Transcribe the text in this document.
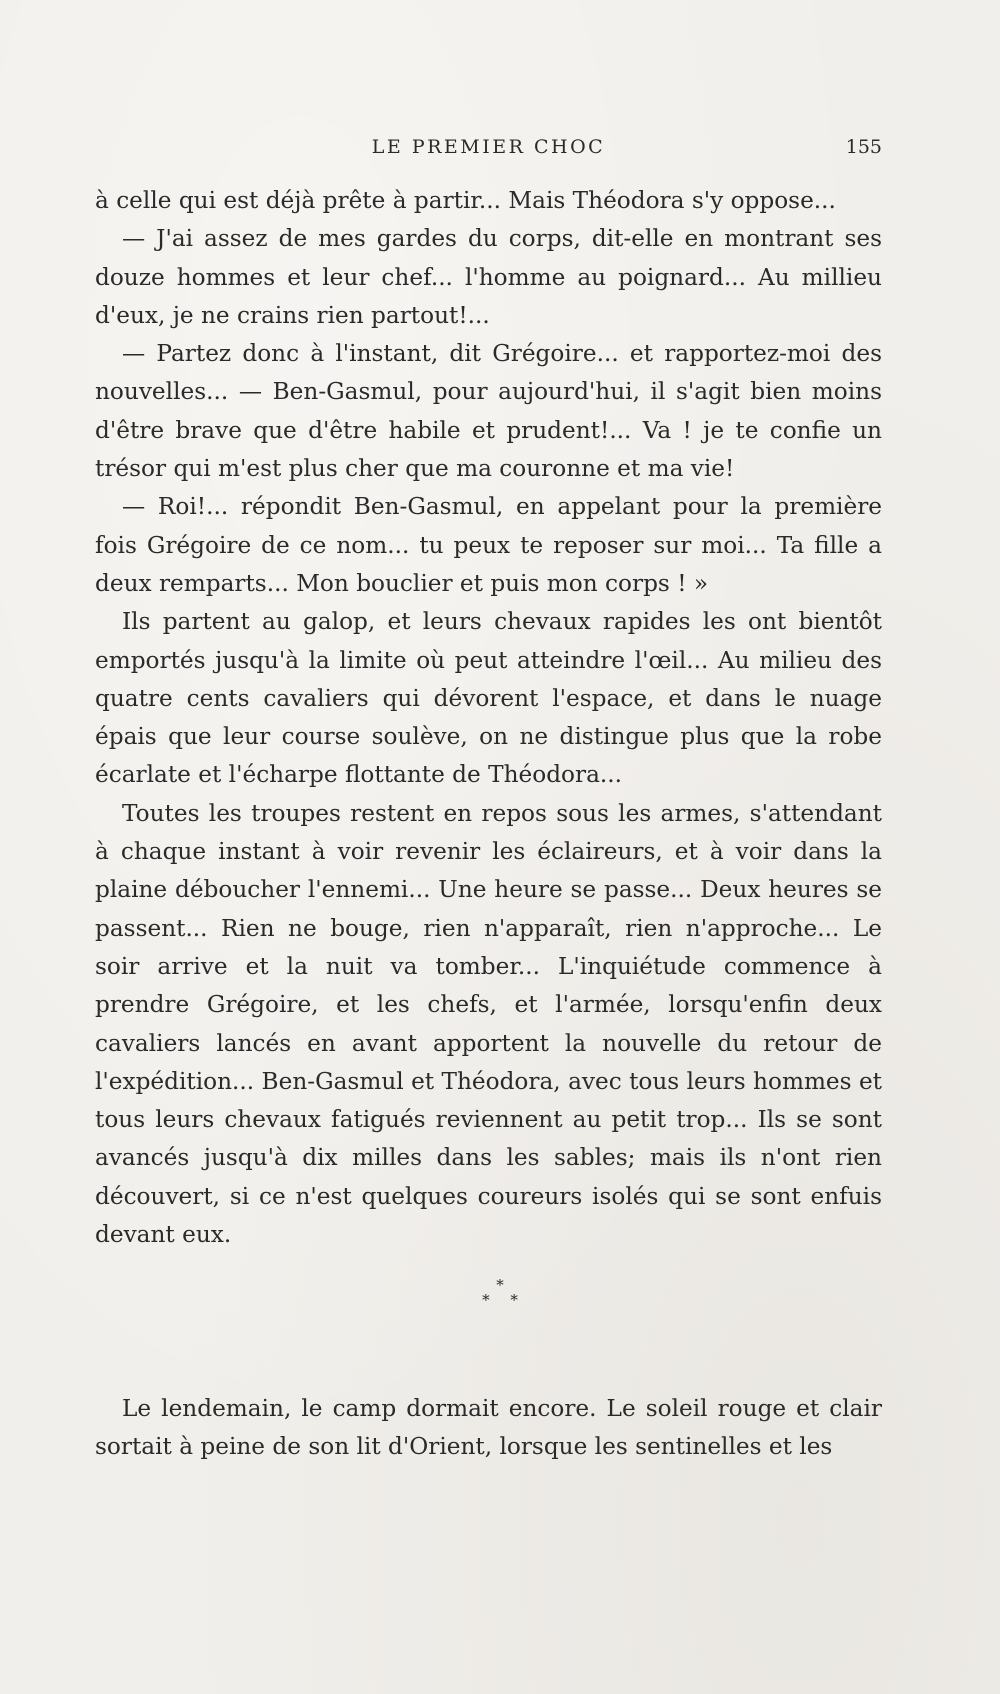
LE PREMIER CHOC	155

à celle qui est déjà prête à partir... Mais Théodora s'y oppose...

— J'ai assez de mes gardes du corps, dit-elle en montrant ses douze hommes et leur chef... l'homme au poignard... Au millieu d'eux, je ne crains rien partout!...

— Partez donc à l'instant, dit Grégoire... et rapportez-moi des nouvelles... — Ben-Gasmul, pour aujourd'hui, il s'agit bien moins d'être brave que d'être habile et prudent!... Va ! je te confie un trésor qui m'est plus cher que ma couronne et ma vie!

— Roi!... répondit Ben-Gasmul, en appelant pour la première fois Grégoire de ce nom... tu peux te reposer sur moi... Ta fille a deux remparts... Mon bouclier et puis mon corps ! »

Ils partent au galop, et leurs chevaux rapides les ont bientôt emportés jusqu'à la limite où peut atteindre l'œil... Au milieu des quatre cents cavaliers qui dévorent l'espace, et dans le nuage épais que leur course soulève, on ne distingue plus que la robe écarlate et l'écharpe flottante de Théodora...

Toutes les troupes restent en repos sous les armes, s'attendant à chaque instant à voir revenir les éclaireurs, et à voir dans la plaine déboucher l'ennemi... Une heure se passe... Deux heures se passent... Rien ne bouge, rien n'apparaît, rien n'approche... Le soir arrive et la nuit va tomber... L'inquiétude commence à prendre Grégoire, et les chefs, et l'armée, lorsqu'enfin deux cavaliers lancés en avant apportent la nouvelle du retour de l'expédition... Ben-Gasmul et Théodora, avec tous leurs hommes et tous leurs chevaux fatigués reviennent au petit trop... Ils se sont avancés jusqu'à dix milles dans les sables; mais ils n'ont rien découvert, si ce n'est quelques coureurs isolés qui se sont enfuis devant eux.

*
* *

Le lendemain, le camp dormait encore. Le soleil rouge et clair sortait à peine de son lit d'Orient, lorsque les sentinelles et les
